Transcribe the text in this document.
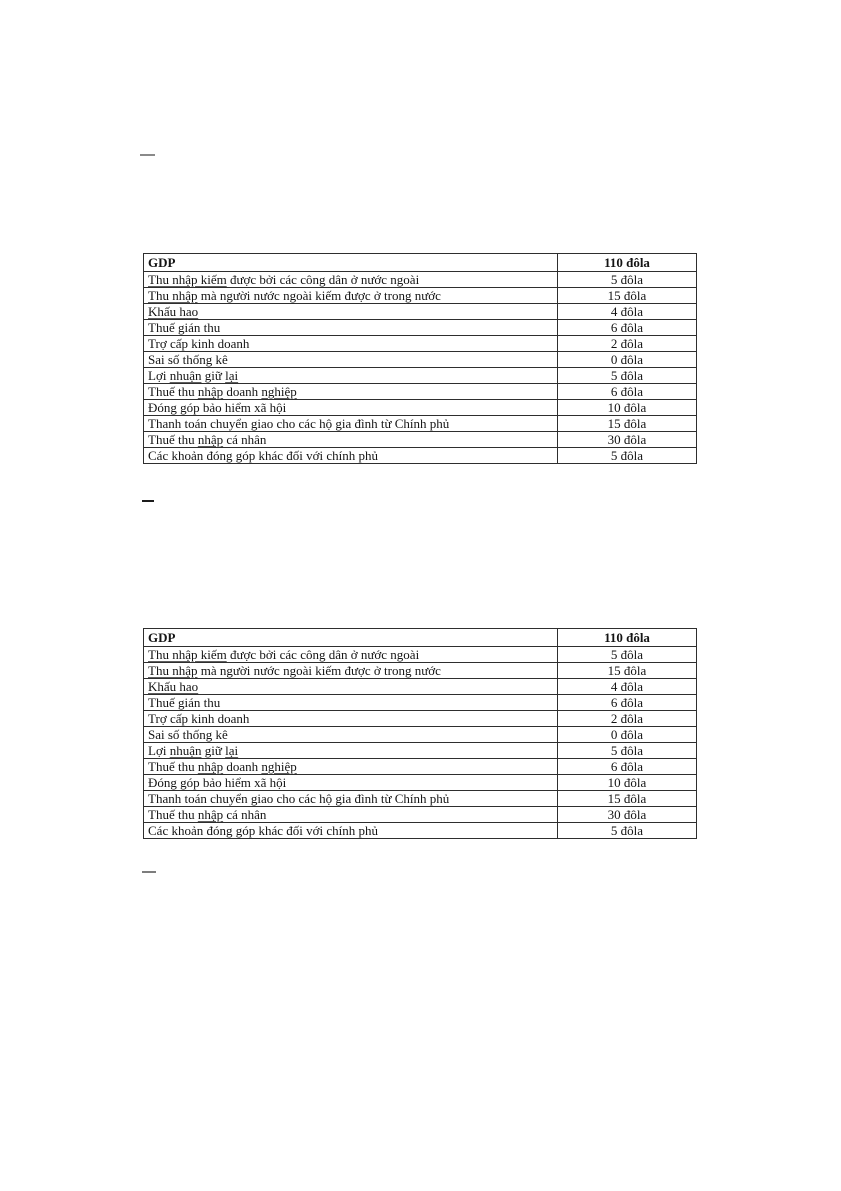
GDP	110 đôla
Thu nhập kiếm được bởi các công dân ở nước ngoài	5 đôla
Thu nhập mà người nước ngoài kiếm được ở trong nước	15 đôla
Khấu hao	4 đôla
Thuế gián thu	6 đôla
Trợ cấp kinh doanh	2 đôla
Sai số thống kê	0 đôla
Lợi nhuận giữ lại	5 đôla
Thuế thu nhập doanh nghiệp	6 đôla
Đóng góp bảo hiểm xã hội	10 đôla
Thanh toán chuyển giao cho các hộ gia đình từ Chính phủ	15 đôla
Thuế thu nhập cá nhân	30 đôla
Các khoản đóng góp khác đối với chính phủ	5 đôla
GDP	110 đôla
Thu nhập kiếm được bởi các công dân ở nước ngoài	5 đôla
Thu nhập mà người nước ngoài kiếm được ở trong nước	15 đôla
Khấu hao	4 đôla
Thuế gián thu	6 đôla
Trợ cấp kinh doanh	2 đôla
Sai số thống kê	0 đôla
Lợi nhuận giữ lại	5 đôla
Thuế thu nhập doanh nghiệp	6 đôla
Đóng góp bảo hiểm xã hội	10 đôla
Thanh toán chuyển giao cho các hộ gia đình từ Chính phủ	15 đôla
Thuế thu nhập cá nhân	30 đôla
Các khoản đóng góp khác đối với chính phủ	5 đôla
